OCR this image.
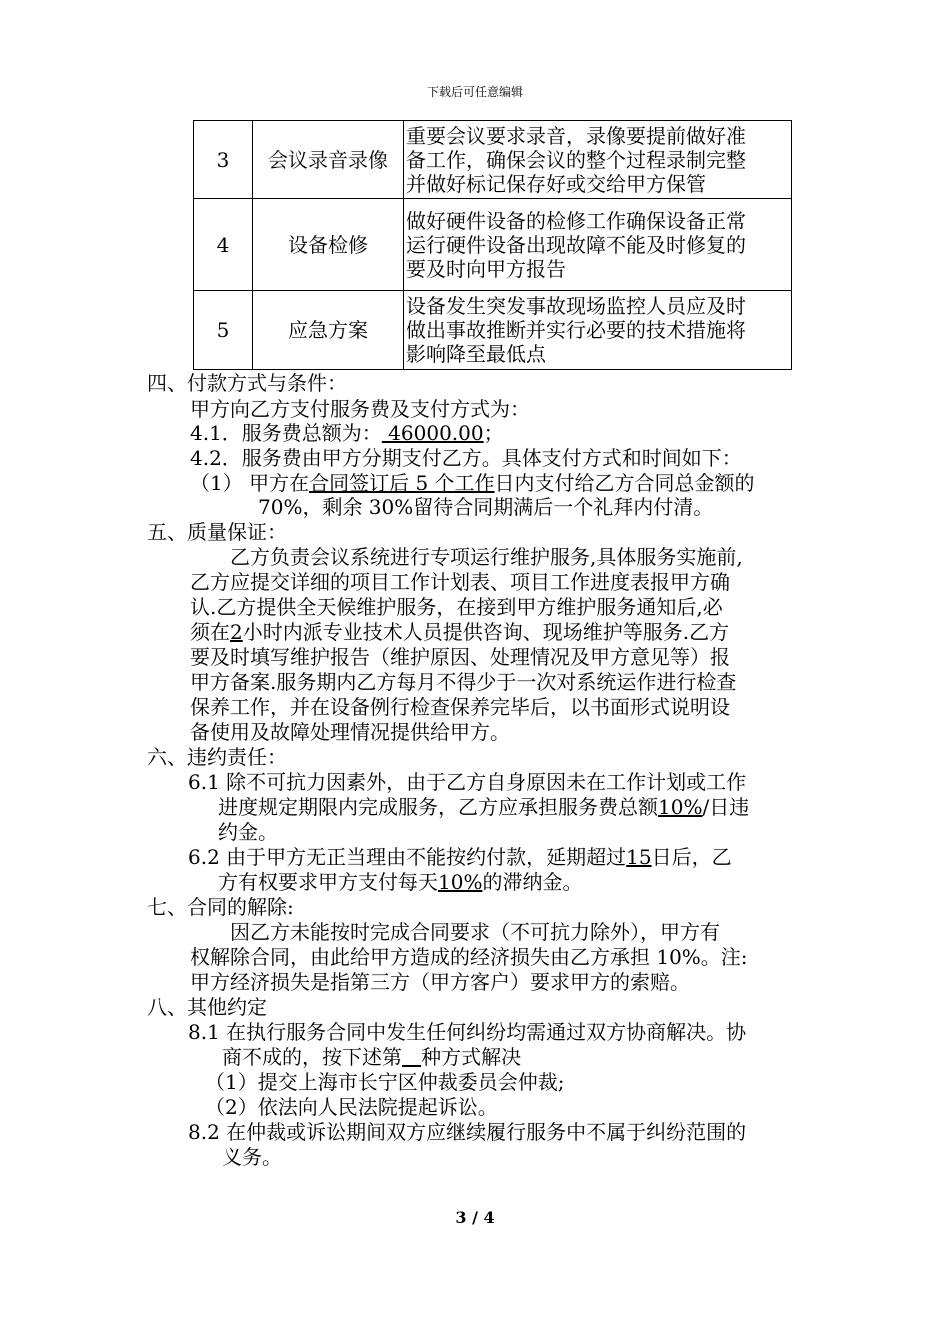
下载后可任意编辑
3	会议录音录像	重要会议要求录音，录像要提前做好准
备工作，确保会议的整个过程录制完整
并做好标记保存好或交给甲方保管

4	设备检修	做好硬件设备的检修工作确保设备正常
运行硬件设备出现故障不能及时修复的
要及时向甲方报告

5	应急方案	设备发生突发事故现场监控人员应及时
做出事故推断并实行必要的技术措施将
影响降至最低点
四、付款方式与条件：
甲方向乙方支付服务费及支付方式为：
4.1．服务费总额为： 46000.00；
4.2．服务费由甲方分期支付乙方。具体支付方式和时间如下：
（1） 甲方在合同签订后 5 个工作日内支付给乙方合同总金额的
70%，剩余 30%留待合同期满后一个礼拜内付清。
五、质量保证：
乙方负责会议系统进行专项运行维护服务,具体服务实施前,
乙方应提交详细的项目工作计划表、项目工作进度表报甲方确
认.乙方提供全天候维护服务，在接到甲方维护服务通知后,必
须在2小时内派专业技术人员提供咨询、现场维护等服务.乙方
要及时填写维护报告（维护原因、处理情况及甲方意见等）报
甲方备案.服务期内乙方每月不得少于一次对系统运作进行检查
保养工作，并在设备例行检查保养完毕后，以书面形式说明设
备使用及故障处理情况提供给甲方。
六、违约责任：
6.1 除不可抗力因素外，由于乙方自身原因未在工作计划或工作
进度规定期限内完成服务，乙方应承担服务费总额10%/日违
约金。
6.2 由于甲方无正当理由不能按约付款，延期超过15日后，乙
方有权要求甲方支付每天10%的滞纳金。
七、合同的解除:
因乙方未能按时完成合同要求（不可抗力除外），甲方有
权解除合同，由此给甲方造成的经济损失由乙方承担 10%。注:
甲方经济损失是指第三方（甲方客户）要求甲方的索赔。
八、其他约定
8.1 在执行服务合同中发生任何纠纷均需通过双方协商解决。协
商不成的，按下述第 种方式解决
（1）提交上海市长宁区仲裁委员会仲裁;
（2）依法向人民法院提起诉讼。
8.2 在仲裁或诉讼期间双方应继续履行服务中不属于纠纷范围的
义务。
3 / 4
